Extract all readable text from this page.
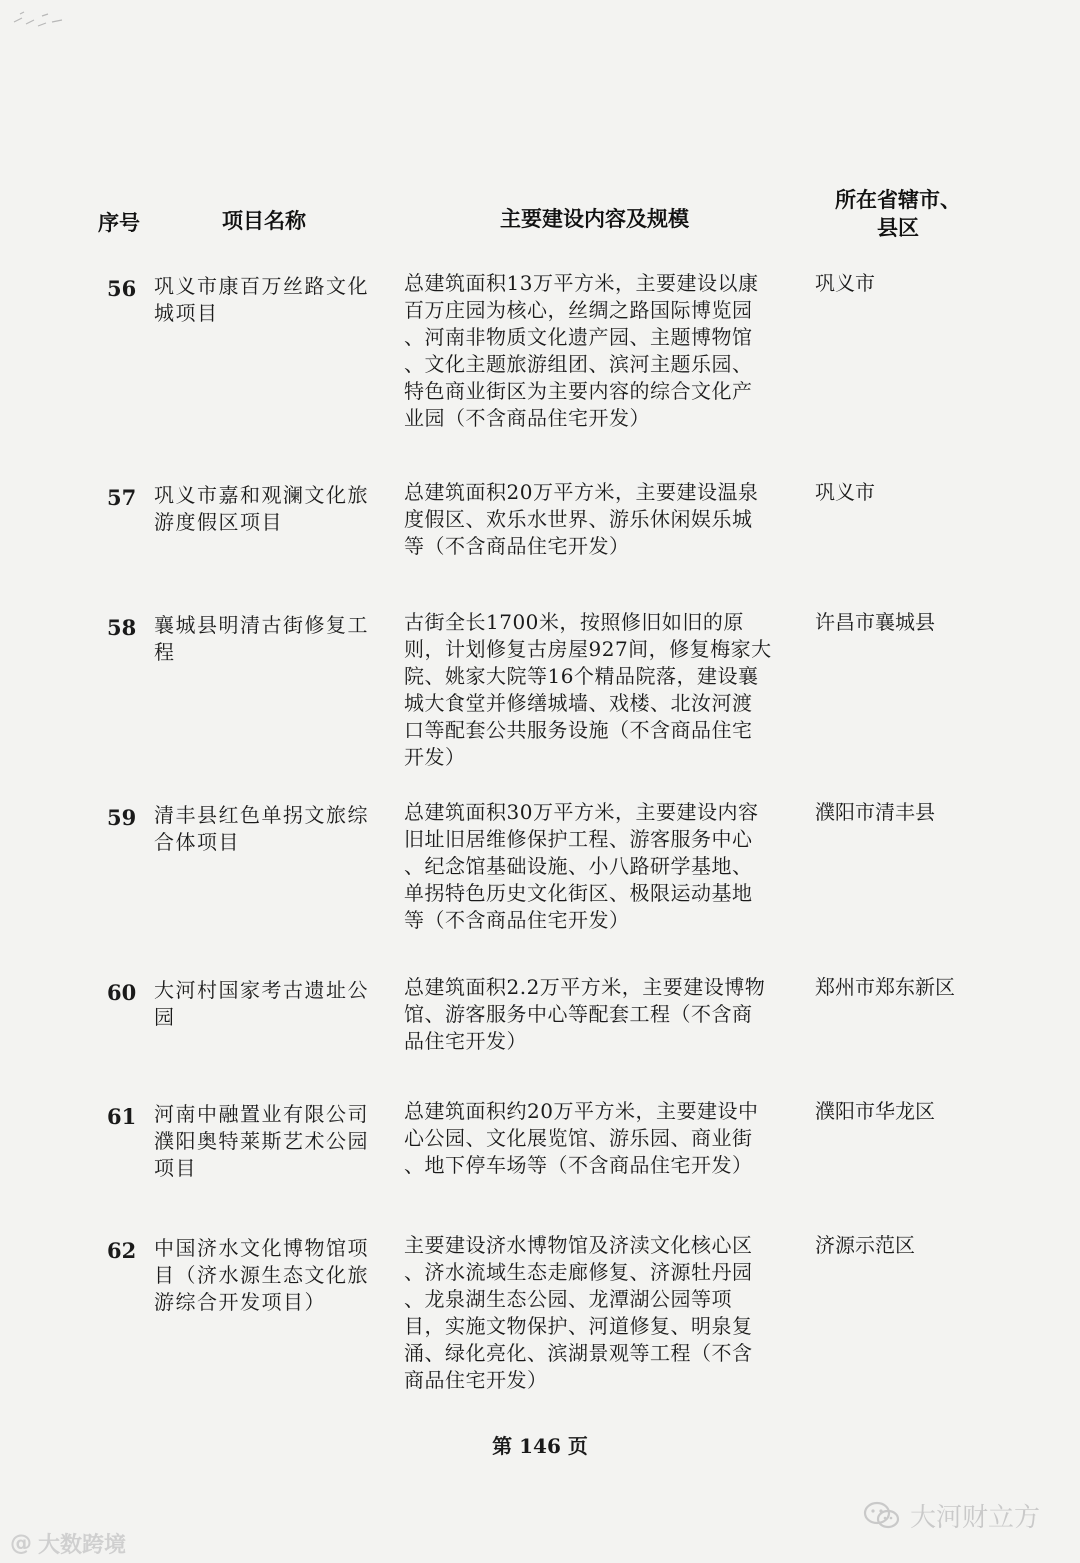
序号	项目名称	主要建设内容及规模
所在省辖市、
县区
56 巩义市康百万丝路文化
城项目
总建筑面积13万平方米，主要建设以康
百万庄园为核心，丝绸之路国际博览园
、河南非物质文化遗产园、主题博物馆
、文化主题旅游组团、滨河主题乐园、
特色商业街区为主要内容的综合文化产
业园（不含商品住宅开发）
巩义市
57 巩义市嘉和观澜文化旅
游度假区项目
总建筑面积20万平方米，主要建设温泉
度假区、欢乐水世界、游乐休闲娱乐城
等（不含商品住宅开发）
巩义市
58 襄城县明清古街修复工
程
古街全长1700米，按照修旧如旧的原
则，计划修复古房屋927间，修复梅家大
院、姚家大院等16个精品院落，建设襄
城大食堂并修缮城墙、戏楼、北汝河渡
口等配套公共服务设施（不含商品住宅
开发）
许昌市襄城县
59 清丰县红色单拐文旅综
合体项目
总建筑面积30万平方米，主要建设内容
旧址旧居维修保护工程、游客服务中心
、纪念馆基础设施、小八路研学基地、
单拐特色历史文化街区、极限运动基地
等（不含商品住宅开发）
濮阳市清丰县
60 大河村国家考古遗址公
园
总建筑面积2.2万平方米，主要建设博物
馆、游客服务中心等配套工程（不含商
品住宅开发）
郑州市郑东新区
61 河南中融置业有限公司
濮阳奥特莱斯艺术公园
项目
总建筑面积约20万平方米，主要建设中
心公园、文化展览馆、游乐园、商业街
、地下停车场等（不含商品住宅开发）
濮阳市华龙区
62 中国济水文化博物馆项
目（济水源生态文化旅
游综合开发项目）
主要建设济水博物馆及济渎文化核心区
、济水流域生态走廊修复、济源牡丹园
、龙泉湖生态公园、龙潭湖公园等项
目，实施文物保护、河道修复、明泉复
涌、绿化亮化、滨湖景观等工程（不含
商品住宅开发）
济源示范区
第 146 页
大河财立方
@ 大数跨境
